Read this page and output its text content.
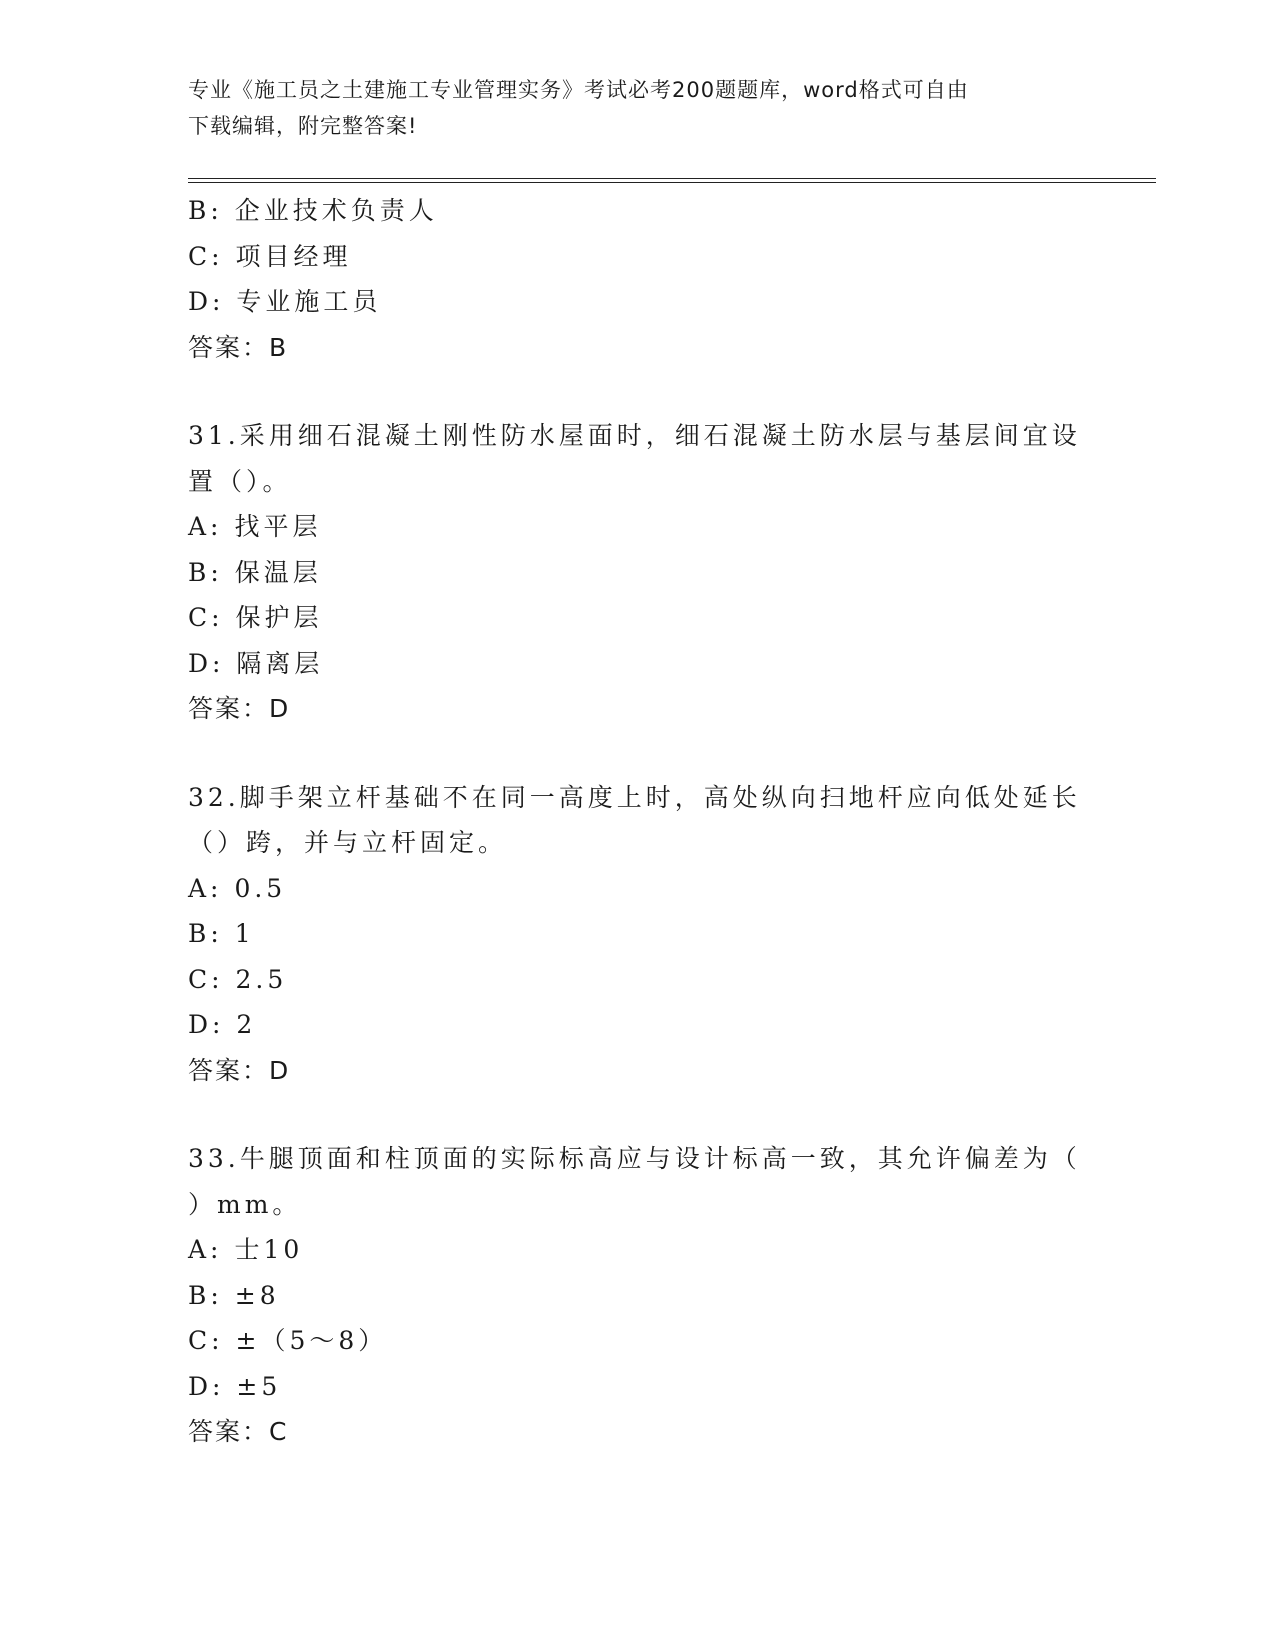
专业《施工员之土建施工专业管理实务》考试必考200题题库，word格式可自由
下载编辑，附完整答案!
B: 企业技术负责人
C: 项目经理
D: 专业施工员
答案：B
31.采用细石混凝土刚性防水屋面时，细石混凝土防水层与基层间宜设
置（）。
A: 找平层
B: 保温层
C: 保护层
D: 隔离层
答案：D
32.脚手架立杆基础不在同一高度上时，高处纵向扫地杆应向低处延长
（）跨，并与立杆固定。
A: 0.5
B: 1
C: 2.5
D: 2
答案：D
33.牛腿顶面和柱顶面的实际标高应与设计标高一致，其允许偏差为（
）mm。
A: 士10
B: ±8
C: ±（5～8）
D: ±5
答案：C
